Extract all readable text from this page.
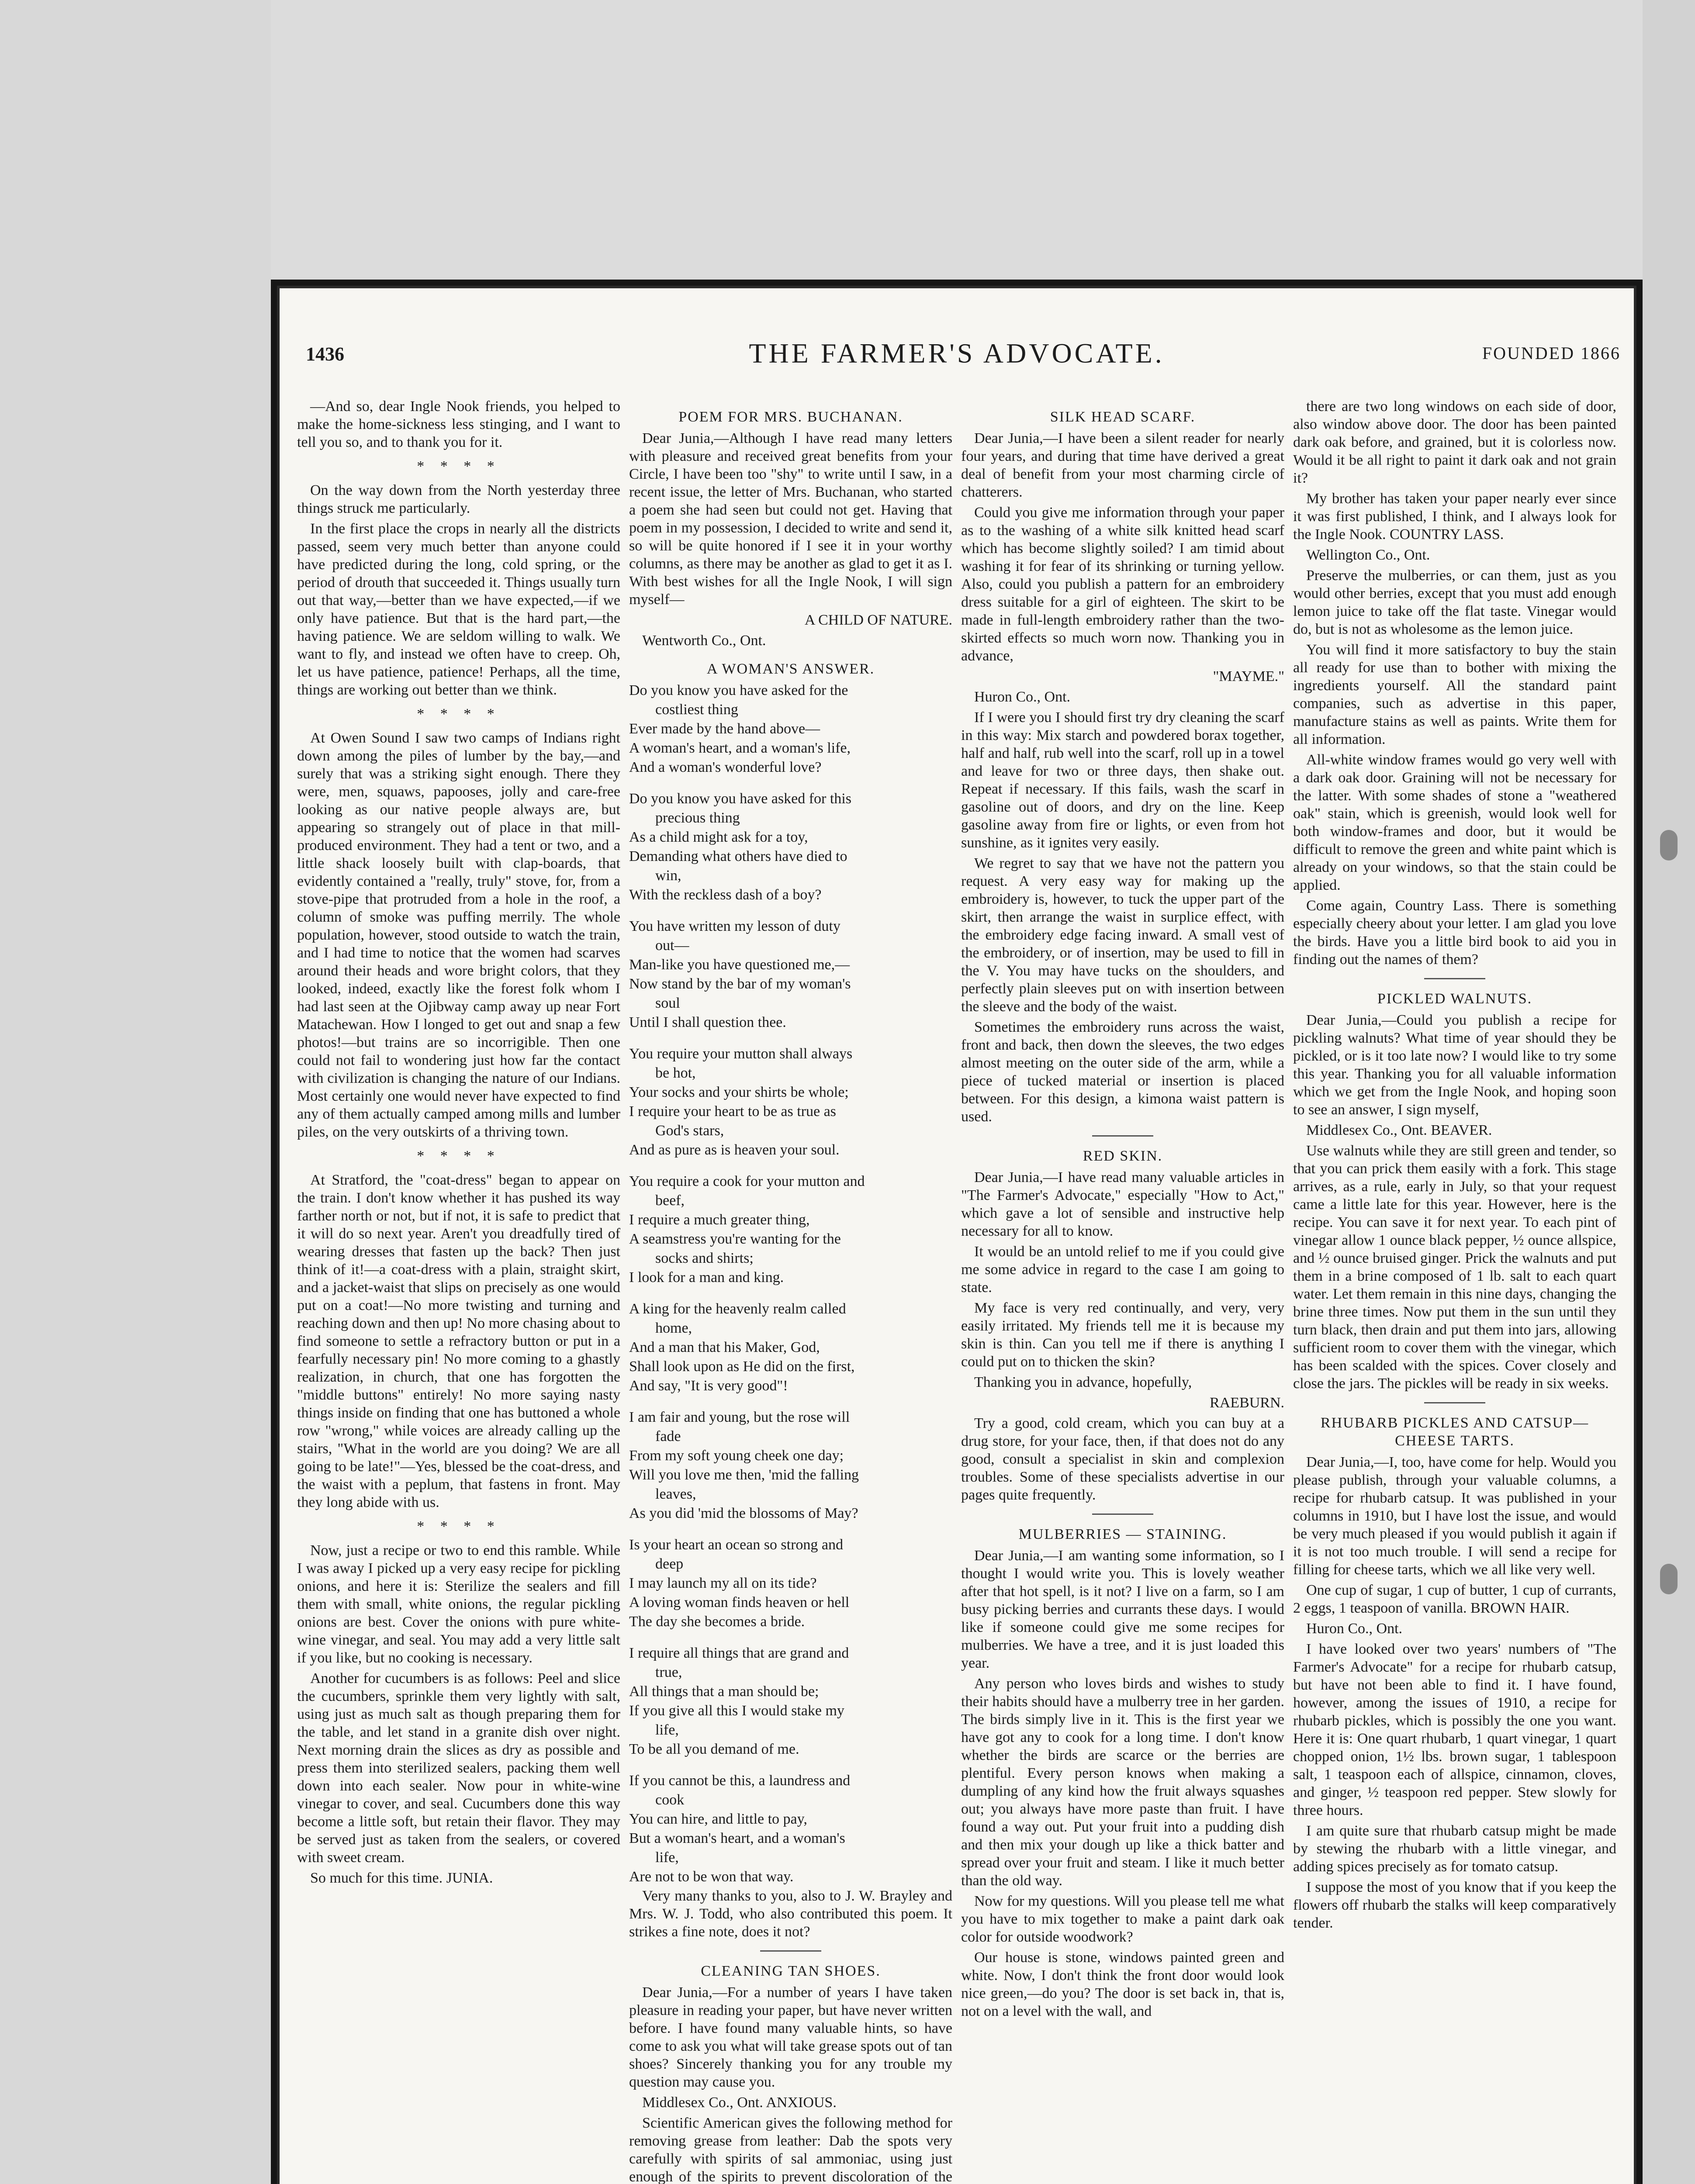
1436	THE FARMER'S ADVOCATE.	FOUNDED 1866

—And so, dear Ingle Nook friends, you helped to make the home-sickness less stinging, and I want to tell you so, and to thank you for it.

* * * *

On the way down from the North yesterday three things struck me particularly.

In the first place the crops in nearly all the districts passed, seem very much better than anyone could have predicted during the long, cold spring, or the period of drouth that succeeded it. Things usually turn out that way,—better than we have expected,—if we only have patience. But that is the hard part,—the having patience. We are seldom willing to walk. We want to fly, and instead we often have to creep. Oh, let us have patience, patience! Perhaps, all the time, things are working out better than we think.

* * * *

At Owen Sound I saw two camps of Indians right down among the piles of lumber by the bay,—and surely that was a striking sight enough. There they were, men, squaws, papooses, jolly and care-free looking as our native people always are, but appearing so strangely out of place in that mill-produced environment. They had a tent or two, and a little shack loosely built with clap-boards, that evidently contained a "really, truly" stove, for, from a stove-pipe that protruded from a hole in the roof, a column of smoke was puffing merrily. The whole population, however, stood outside to watch the train, and I had time to notice that the women had scarves around their heads and wore bright colors, that they looked, indeed, exactly like the forest folk whom I had last seen at the Ojibway camp away up near Fort Matachewan. How I longed to get out and snap a few photos!—but trains are so incorrigible. Then one could not fail to wondering just how far the contact with civilization is changing the nature of our Indians. Most certainly one would never have expected to find any of them actually camped among mills and lumber piles, on the very outskirts of a thriving town.

* * * *

At Stratford, the "coat-dress" began to appear on the train. I don't know whether it has pushed its way farther north or not, but if not, it is safe to predict that it will do so next year. Aren't you dreadfully tired of wearing dresses that fasten up the back? Then just think of it!—a coat-dress with a plain, straight skirt, and a jacket-waist that slips on precisely as one would put on a coat!—No more twisting and turning and reaching down and then up! No more chasing about to find someone to settle a refractory button or put in a fearfully necessary pin! No more coming to a ghastly realization, in church, that one has forgotten the "middle buttons" entirely! No more saying nasty things inside on finding that one has buttoned a whole row "wrong," while voices are already calling up the stairs, "What in the world are you doing? We are all going to be late!"—Yes, blessed be the coat-dress, and the waist with a peplum, that fastens in front. May they long abide with us.

* * * *

Now, just a recipe or two to end this ramble. While I was away I picked up a very easy recipe for pickling onions, and here it is: Sterilize the sealers and fill them with small, white onions, the regular pickling onions are best. Cover the onions with pure white-wine vinegar, and seal. You may add a very little salt if you like, but no cooking is necessary.

Another for cucumbers is as follows: Peel and slice the cucumbers, sprinkle them very lightly with salt, using just as much salt as though preparing them for the table, and let stand in a granite dish over night. Next morning drain the slices as dry as possible and press them into sterilized sealers, packing them well down into each sealer. Now pour in white-wine vinegar to cover, and seal. Cucumbers done this way become a little soft, but retain their flavor. They may be served just as taken from the sealers, or covered with sweet cream.

So much for this time. JUNIA.

POEM FOR MRS. BUCHANAN.

Dear Junia,—Although I have read many letters with pleasure and received great benefits from your Circle, I have been too "shy" to write until I saw, in a recent issue, the letter of Mrs. Buchanan, who started a poem she had seen but could not get. Having that poem in my possession, I decided to write and send it, so will be quite honored if I see it in your worthy columns, as there may be another as glad to get it as I. With best wishes for all the Ingle Nook, I will sign myself—

A CHILD OF NATURE.

Wentworth Co., Ont.

A WOMAN'S ANSWER.

Do you know you have asked for the

costliest thing

Ever made by the hand above—

A woman's heart, and a woman's life,

And a woman's wonderful love?

Do you know you have asked for this

precious thing

As a child might ask for a toy,

Demanding what others have died to

win,

With the reckless dash of a boy?

You have written my lesson of duty

out—

Man-like you have questioned me,—

Now stand by the bar of my woman's

soul

Until I shall question thee.

You require your mutton shall always

be hot,

Your socks and your shirts be whole;

I require your heart to be as true as

God's stars,

And as pure as is heaven your soul.

You require a cook for your mutton and

beef,

I require a much greater thing,

A seamstress you're wanting for the

socks and shirts;

I look for a man and king.

A king for the heavenly realm called

home,

And a man that his Maker, God,

Shall look upon as He did on the first,

And say, "It is very good"!

I am fair and young, but the rose will

fade

From my soft young cheek one day;

Will you love me then, 'mid the falling

leaves,

As you did 'mid the blossoms of May?

Is your heart an ocean so strong and

deep

I may launch my all on its tide?

A loving woman finds heaven or hell

The day she becomes a bride.

I require all things that are grand and

true,

All things that a man should be;

If you give all this I would stake my

life,

To be all you demand of me.

If you cannot be this, a laundress and

cook

You can hire, and little to pay,

But a woman's heart, and a woman's

life,

Are not to be won that way.

Very many thanks to you, also to J. W. Brayley and Mrs. W. J. Todd, who also contributed this poem. It strikes a fine note, does it not?

CLEANING TAN SHOES.

Dear Junia,—For a number of years I have taken pleasure in reading your paper, but have never written before. I have found many valuable hints, so have come to ask you what will take grease spots out of tan shoes? Sincerely thanking you for any trouble my question may cause you.

Middlesex Co., Ont. ANXIOUS.

Scientific American gives the following method for removing grease from leather: Dab the spots very carefully with spirits of sal ammoniac, using just enough of the spirits to prevent discoloration of the

SILK HEAD SCARF.

Dear Junia,—I have been a silent reader for nearly four years, and during that time have derived a great deal of benefit from your most charming circle of chatterers.

Could you give me information through your paper as to the washing of a white silk knitted head scarf which has become slightly soiled? I am timid about washing it for fear of its shrinking or turning yellow. Also, could you publish a pattern for an embroidery dress suitable for a girl of eighteen. The skirt to be made in full-length embroidery rather than the two-skirted effects so much worn now. Thanking you in advance,

"MAYME."

Huron Co., Ont.

If I were you I should first try dry cleaning the scarf in this way: Mix starch and powdered borax together, half and half, rub well into the scarf, roll up in a towel and leave for two or three days, then shake out. Repeat if necessary. If this fails, wash the scarf in gasoline out of doors, and dry on the line. Keep gasoline away from fire or lights, or even from hot sunshine, as it ignites very easily.

We regret to say that we have not the pattern you request. A very easy way for making up the embroidery is, however, to tuck the upper part of the skirt, then arrange the waist in surplice effect, with the embroidery edge facing inward. A small vest of the embroidery, or of insertion, may be used to fill in the V. You may have tucks on the shoulders, and perfectly plain sleeves put on with insertion between the sleeve and the body of the waist.

Sometimes the embroidery runs across the waist, front and back, then down the sleeves, the two edges almost meeting on the outer side of the arm, while a piece of tucked material or insertion is placed between. For this design, a kimona waist pattern is used.

RED SKIN.

Dear Junia,—I have read many valuable articles in "The Farmer's Advocate," especially "How to Act," which gave a lot of sensible and instructive help necessary for all to know.

It would be an untold relief to me if you could give me some advice in regard to the case I am going to state.

My face is very red continually, and very, very easily irritated. My friends tell me it is because my skin is thin. Can you tell me if there is anything I could put on to thicken the skin?

Thanking you in advance, hopefully,

RAEBURN.

Try a good, cold cream, which you can buy at a drug store, for your face, then, if that does not do any good, consult a specialist in skin and complexion troubles. Some of these specialists advertise in our pages quite frequently.

MULBERRIES — STAINING.

Dear Junia,—I am wanting some information, so I thought I would write you. This is lovely weather after that hot spell, is it not? I live on a farm, so I am busy picking berries and currants these days. I would like if someone could give me some recipes for mulberries. We have a tree, and it is just loaded this year.

Any person who loves birds and wishes to study their habits should have a mulberry tree in her garden. The birds simply live in it. This is the first year we have got any to cook for a long time. I don't know whether the birds are scarce or the berries are plentiful. Every person knows when making a dumpling of any kind how the fruit always squashes out; you always have more paste than fruit. I have found a way out. Put your fruit into a pudding dish and then mix your dough up like a thick batter and spread over your fruit and steam. I like it much better than the old way.

Now for my questions. Will you please tell me what you have to mix together to make a paint dark oak color for outside woodwork?

Our house is stone, windows painted green and white. Now, I don't think the front door would look nice green,—do you? The door is set back in, that is, not on a level with the wall, and

there are two long windows on each side of door, also window above door. The door has been painted dark oak before, and grained, but it is colorless now. Would it be all right to paint it dark oak and not grain it?

My brother has taken your paper nearly ever since it was first published, I think, and I always look for the Ingle Nook. COUNTRY LASS.

Wellington Co., Ont.

Preserve the mulberries, or can them, just as you would other berries, except that you must add enough lemon juice to take off the flat taste. Vinegar would do, but is not as wholesome as the lemon juice.

You will find it more satisfactory to buy the stain all ready for use than to bother with mixing the ingredients yourself. All the standard paint companies, such as advertise in this paper, manufacture stains as well as paints. Write them for all information.

All-white window frames would go very well with a dark oak door. Graining will not be necessary for the latter. With some shades of stone a "weathered oak" stain, which is greenish, would look well for both window-frames and door, but it would be difficult to remove the green and white paint which is already on your windows, so that the stain could be applied.

Come again, Country Lass. There is something especially cheery about your letter. I am glad you love the birds. Have you a little bird book to aid you in finding out the names of them?

PICKLED WALNUTS.

Dear Junia,—Could you publish a recipe for pickling walnuts? What time of year should they be pickled, or is it too late now? I would like to try some this year. Thanking you for all valuable information which we get from the Ingle Nook, and hoping soon to see an answer, I sign myself,

Middlesex Co., Ont. BEAVER.

Use walnuts while they are still green and tender, so that you can prick them easily with a fork. This stage arrives, as a rule, early in July, so that your request came a little late for this year. However, here is the recipe. You can save it for next year. To each pint of vinegar allow 1 ounce black pepper, ½ ounce allspice, and ½ ounce bruised ginger. Prick the walnuts and put them in a brine composed of 1 lb. salt to each quart water. Let them remain in this nine days, changing the brine three times. Now put them in the sun until they turn black, then drain and put them into jars, allowing sufficient room to cover them with the vinegar, which has been scalded with the spices. Cover closely and close the jars. The pickles will be ready in six weeks.

RHUBARB PICKLES AND CATSUP— CHEESE TARTS.

Dear Junia,—I, too, have come for help. Would you please publish, through your valuable columns, a recipe for rhubarb catsup. It was published in your columns in 1910, but I have lost the issue, and would be very much pleased if you would publish it again if it is not too much trouble. I will send a recipe for filling for cheese tarts, which we all like very well.

One cup of sugar, 1 cup of butter, 1 cup of currants, 2 eggs, 1 teaspoon of vanilla. BROWN HAIR.

Huron Co., Ont.

I have looked over two years' numbers of "The Farmer's Advocate" for a recipe for rhubarb catsup, but have not been able to find it. I have found, however, among the issues of 1910, a recipe for rhubarb pickles, which is possibly the one you want. Here it is: One quart rhubarb, 1 quart vinegar, 1 quart chopped onion, 1½ lbs. brown sugar, 1 tablespoon salt, 1 teaspoon each of allspice, cinnamon, cloves, and ginger, ½ teaspoon red pepper. Stew slowly for three hours.

I am quite sure that rhubarb catsup might be made by stewing the rhubarb with a little vinegar, and adding spices precisely as for tomato catsup.

I suppose the most of you know that if you keep the flowers off rhubarb the stalks will keep comparatively tender.
